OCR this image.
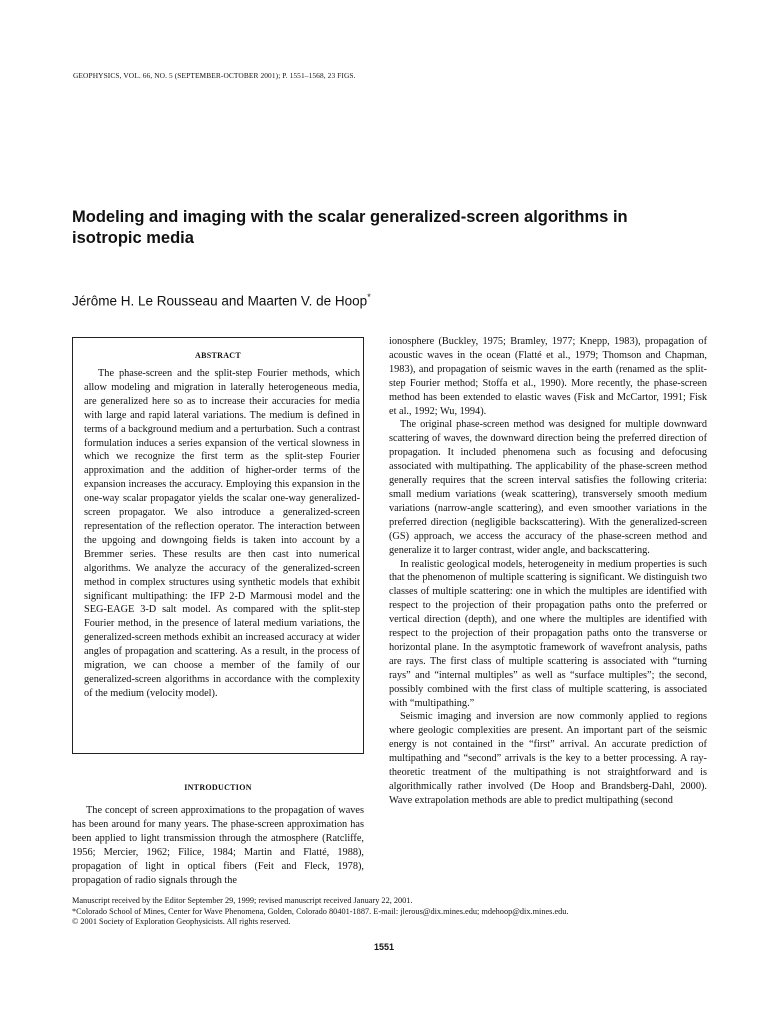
GEOPHYSICS, VOL. 66, NO. 5 (SEPTEMBER-OCTOBER 2001); P. 1551–1568, 23 FIGS.
Modeling and imaging with the scalar generalized-screen algorithms in isotropic media
Jérôme H. Le Rousseau and Maarten V. de Hoop*
ABSTRACT

The phase-screen and the split-step Fourier methods, which allow modeling and migration in laterally heterogeneous media, are generalized here so as to increase their accuracies for media with large and rapid lateral variations. The medium is defined in terms of a background medium and a perturbation. Such a contrast formulation induces a series expansion of the vertical slowness in which we recognize the first term as the split-step Fourier approximation and the addition of higher-order terms of the expansion increases the accuracy. Employing this expansion in the one-way scalar propagator yields the scalar one-way generalized-screen propagator. We also introduce a generalized-screen representation of the reflection operator. The interaction between the upgoing and downgoing fields is taken into account by a Bremmer series. These results are then cast into numerical algorithms. We analyze the accuracy of the generalized-screen method in complex structures using synthetic models that exhibit significant multipathing: the IFP 2-D Marmousi model and the SEG-EAGE 3-D salt model. As compared with the split-step Fourier method, in the presence of lateral medium variations, the generalized-screen methods exhibit an increased accuracy at wider angles of propagation and scattering. As a result, in the process of migration, we can choose a member of the family of our generalized-screen algorithms in accordance with the complexity of the medium (velocity model).

INTRODUCTION

The concept of screen approximations to the propagation of waves has been around for many years. The phase-screen approximation has been applied to light transmission through the atmosphere (Ratcliffe, 1956; Mercier, 1962; Filice, 1984; Martin and Flatté, 1988), propagation of light in optical fibers (Feit and Fleck, 1978), propagation of radio signals through the

ionosphere (Buckley, 1975; Bramley, 1977; Knepp, 1983), propagation of acoustic waves in the ocean (Flatté et al., 1979; Thomson and Chapman, 1983), and propagation of seismic waves in the earth (renamed as the split-step Fourier method; Stoffa et al., 1990). More recently, the phase-screen method has been extended to elastic waves (Fisk and McCartor, 1991; Fisk et al., 1992; Wu, 1994).

The original phase-screen method was designed for multiple downward scattering of waves, the downward direction being the preferred direction of propagation. It included phenomena such as focusing and defocusing associated with multipathing. The applicability of the phase-screen method generally requires that the screen interval satisfies the following criteria: small medium variations (weak scattering), transversely smooth medium variations (narrow-angle scattering), and even smoother variations in the preferred direction (negligible backscattering). With the generalized-screen (GS) approach, we access the accuracy of the phase-screen method and generalize it to larger contrast, wider angle, and backscattering.

In realistic geological models, heterogeneity in medium properties is such that the phenomenon of multiple scattering is significant. We distinguish two classes of multiple scattering: one in which the multiples are identified with respect to the projection of their propagation paths onto the preferred or vertical direction (depth), and one where the multiples are identified with respect to the projection of their propagation paths onto the transverse or horizontal plane. In the asymptotic framework of wavefront analysis, paths are rays. The first class of multiple scattering is associated with “turning rays” and “internal multiples” as well as “surface multiples”; the second, possibly combined with the first class of multiple scattering, is associated with “multipathing.”

Seismic imaging and inversion are now commonly applied to regions where geologic complexities are present. An important part of the seismic energy is not contained in the “first” arrival. An accurate prediction of multipathing and “second” arrivals is the key to a better processing. A ray-theoretic treatment of the multipathing is not straightforward and is algorithmically rather involved (De Hoop and Brandsberg-Dahl, 2000). Wave extrapolation methods are able to predict multipathing (second

Manuscript received by the Editor September 29, 1999; revised manuscript received January 22, 2001.
*Colorado School of Mines, Center for Wave Phenomena, Golden, Colorado 80401-1887. E-mail: jlerous@dix.mines.edu; mdehoop@dix.mines.edu.
© 2001 Society of Exploration Geophysicists. All rights reserved.
1551
